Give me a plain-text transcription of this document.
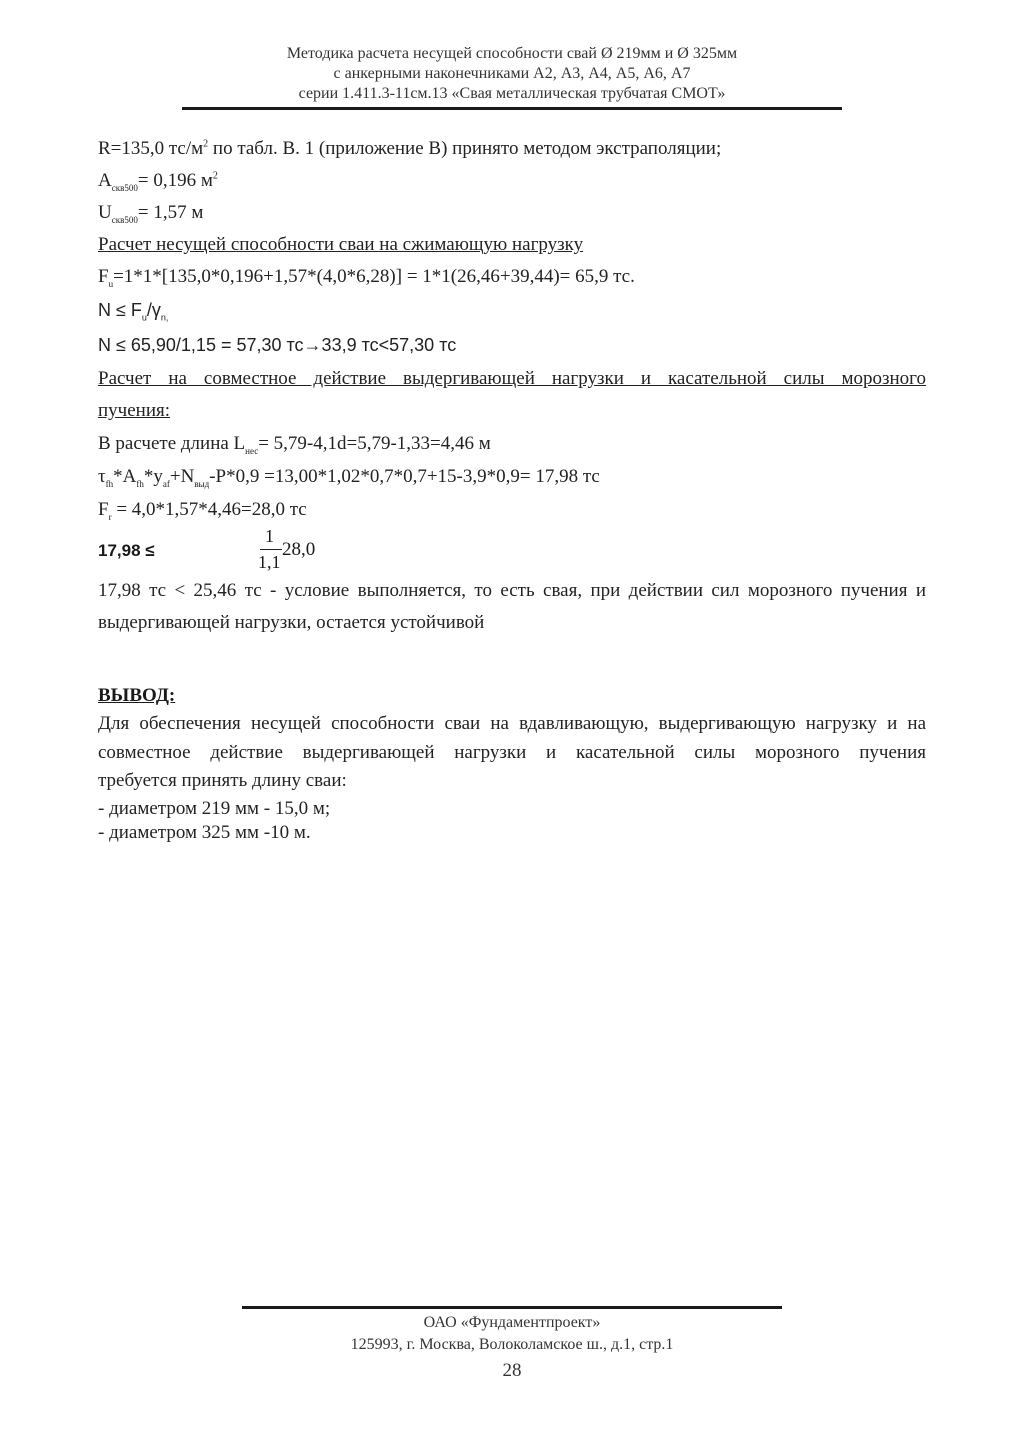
Методика расчета несущей способности свай Ø 219мм и Ø 325мм
с анкерными наконечниками А2, А3, А4, А5, А6, А7
серии 1.411.3-11см.13 «Свая металлическая трубчатая СМОТ»
R=135,0 $тс/м^2$ по табл. В. 1 (приложение В) принято методом экстраполяции;
$А_{скв500}= 0,196$ $м^2$
$U_{скв500}= 1,57$ м
Расчет несущей способности сваи на сжимающую нагрузку
$F_u=1*1*[135,0*0,196+1,57*(4,0*6,28)] = 1*1(26,46+39,44)= 65,9$ тс.
$N \le F_u/\gamma_{n,}$
N ≤ 65,90/1,15 = 57,30 тс→33,9 тс<57,30 тс
Расчет на совместное действие выдергивающей нагрузки и касательной силы морозного
пучения:
В расчете длина $L_{нес}= 5,79-4,1d=5,79-1,33=4,46$ м
$\tau_{fh}*A_{fh}*y_{af}+N_{выд}-P*0,9 =13,00*1,02*0,7*0,7+15-3,9*0,9= 17,98$ тс
$F_r = 4,0*1,57*4,46=28,0$ тс
17,98 ≤
1
1,1
28,0
17,98 тс < 25,46 тс - условие выполняется, то есть свая, при действии сил морозного пучения и
выдергивающей нагрузки, остается устойчивой
ВЫВОД:
Для обеспечения несущей способности сваи на вдавливающую, выдергивающую нагрузку и на
совместное действие выдергивающей нагрузки и касательной силы морозного пучения
требуется принять длину сваи:
- диаметром 219 мм - 15,0 м;
- диаметром 325 мм -10 м.
ОАО «Фундаментпроект»
125993, г. Москва, Волоколамское ш., д.1, стр.1
28
